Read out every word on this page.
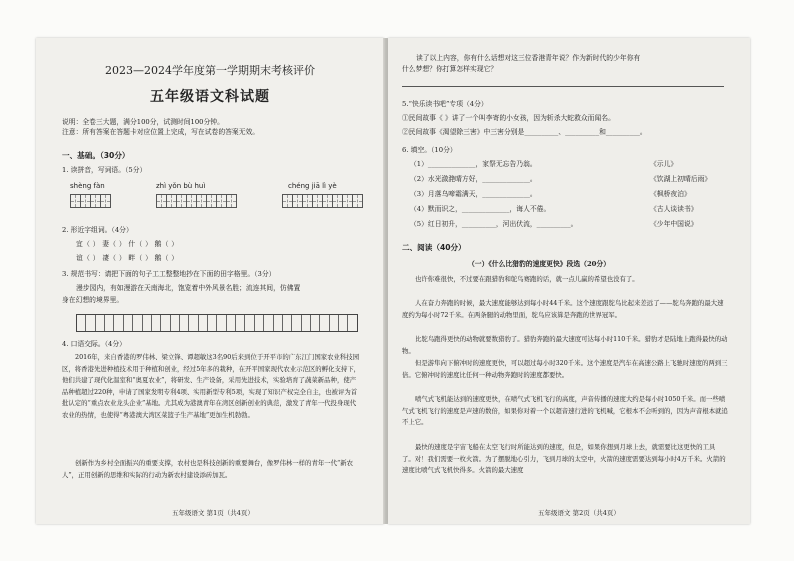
2023—2024学年度第一学期期末考核评价
五年级语文科试题
说明：全卷三大题，满分100分，试测时间100分钟。
注意：所有答案在答题卡对应位置上完成，写在试卷的答案无效。
一、基础。（30分）
1. 读拼音，写词语。（5分）
shèng fàn	zhì yǒn bù huì	chéng jiā lì yè
2. 形近字组词。（4分）
宜（ ） 妻（ ） 什（ ） 鹅（ ）
谊（ ） 凄（ ） 畔（ ） 鹅（ ）
3. 规范书写：请把下面的句子工工整整地抄在下面的田字格里。（3分）
漫步园内，有如漫游在天南海北，饱览着中外风景名胜；流连其间，仿佛置
身在幻想的境界里。
4. 口语交际。（4分）
2016年，来自香港的罗伟林、梁立锋、谭超敏这3名90后来到位于开平市的广东江门国家农业科技园区，将香港先进种植技术用于种植和创业，经过5年多的栽种，在开平国家现代农业示范区的孵化支持下，他们共建了现代化温室和“奥夏农业”，将研发、生产设备，采用先进技术，实验培育了蔬菜新品种，使产品种植超过220种，申请了国家发明专利4项、实用新型专利5项，实现了知识产权完全自主，也被评为首批认定的“重点农业龙头企业”基地。尤其成为港澳青年在湾区创新创业的典范，激发了青年一代投身现代农业的热情，也使得“粤港澳大湾区菜篮子生产基地”更加生机勃勃。
创新作为乡村全面振兴的重要支撑，农村也是科技创新的重要舞台，像罗伟林一样的青年一代“新农人”，正用创新的思维和实际的行动为新农村建设添砖加瓦。
五年级语文 第1页（共4页）
读了以上内容，你有什么话想对这三位香港青年说？作为新时代的少年你有
什么梦想？你打算怎样实现它？
5.“快乐读书吧”专项（4分）
①民间故事《 》讲了一个叫李寄的小女孩，因为斩杀大蛇救众而闻名。
②民间故事《渴望除三害》中三害分别是__________、__________和__________。
6. 填空。（10分）
（1）______________，家祭无忘告乃翁。
（2）水光潋滟晴方好，______________。
（3）月落乌啼霜满天，______________。
（4）默而识之，______________，诲人不倦。
（5）红日初升，__________，河出伏流，__________。
《示儿》
《饮湖上初晴后雨》
《枫桥夜泊》
《古人谈读书》
《少年中国说》
二、阅读（40分）
（一）《什么比猎豹的速度更快》段选（20分）
也许你难很快，不过要在跟猎豹和鸵鸟赛跑的话，就一点儿赢的希望也没有了。
人在奋力奔跑的时候，最大速度能够达到每小时44千米。这个速度跟鸵鸟比起来差远了——鸵鸟奔跑的最大速度约为每小时72千米。在两条腿的动物里面，鸵鸟应该算是奔跑的世界冠军。
比鸵鸟跑得更快的动物就要数猎豹了。猎豹奔跑的最大速度可达每小时110千米。猎豹才是陆地上跑得最快的动物。
但是游隼向下俯冲时的速度更快，可以超过每小时320千米。这个速度是汽车在高速公路上飞驰时速度的两到三倍。它俯冲时的速度比任何一种动物奔跑时的速度都要快。
喷气式飞机能达到的速度更快，在喷气式飞机飞行的高度，声音传播的速度大约是每小时1050千米。而一些喷气式飞机飞行的速度是声速的数倍，如果你对着一个以超音速行进的飞机喊，它根本不会听到的，因为声音根本就追不上它。
最快的速度是宇宙飞船在太空飞行时所能达到的速度，但是，如果你想到月球上去，就需要比这更快的工具了。对！我们需要一枚火箭。为了摆脱地心引力，飞到月球的太空中，火箭的速度需要达到每小时4万千米。火箭的速度比喷气式飞机快得多。火箭的最大速度
五年级语文 第2页（共4页）
